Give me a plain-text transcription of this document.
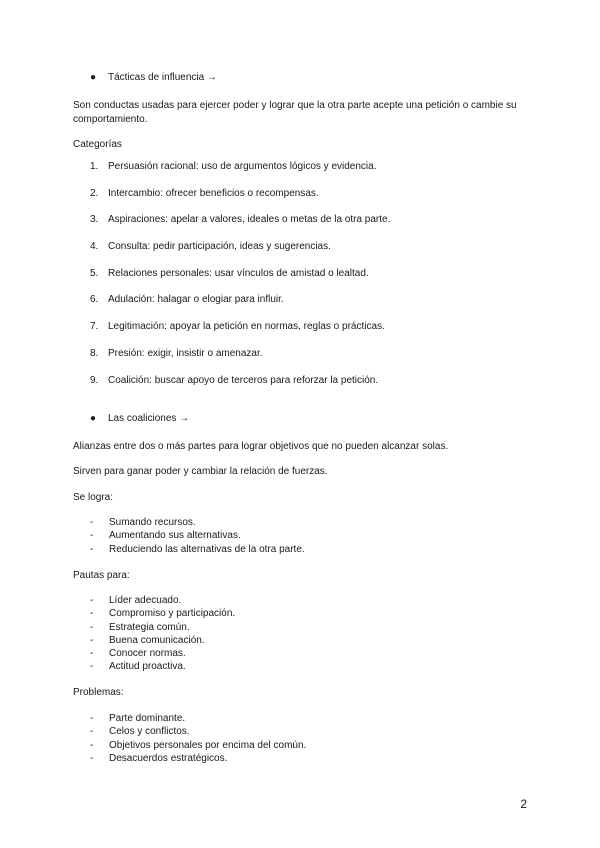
● Tácticas de influencia →
Son conductas usadas para ejercer poder y lograr que la otra parte acepte una petición o cambie su comportamiento.
Categorías
1. Persuasión racional: uso de argumentos lógicos y evidencia.
2. Intercambio: ofrecer beneficios o recompensas.
3. Aspiraciones: apelar a valores, ideales o metas de la otra parte.
4. Consulta: pedir participación, ideas y sugerencias.
5. Relaciones personales: usar vínculos de amistad o lealtad.
6. Adulación: halagar o elogiar para influir.
7. Legitimación: apoyar la petición en normas, reglas o prácticas.
8. Presión: exigir, insistir o amenazar.
9. Coalición: buscar apoyo de terceros para reforzar la petición.
● Las coaliciones →
Alianzas entre dos o más partes para lograr objetivos que no pueden alcanzar solas.
Sirven para ganar poder y cambiar la relación de fuerzas.
Se logra:
- Sumando recursos.
- Aumentando sus alternativas.
- Reduciendo las alternativas de la otra parte.
Pautas para:
- Líder adecuado.
- Compromiso y participación.
- Estrategia común.
- Buena comunicación.
- Conocer normas.
- Actitud proactiva.
Problemas:
- Parte dominante.
- Celos y conflictos.
- Objetivos personales por encima del común.
- Desacuerdos estratégicos.
2
